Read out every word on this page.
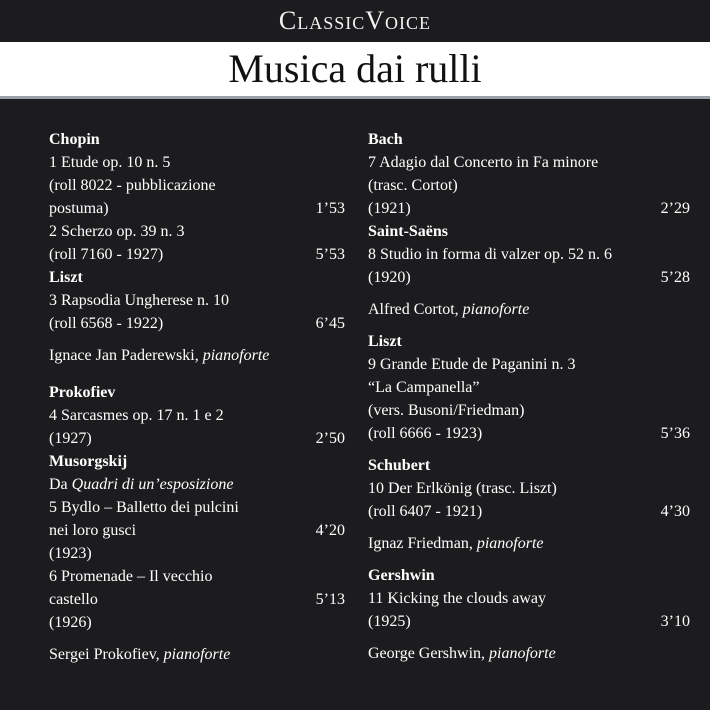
ClassicVoice
Musica dai rulli
Chopin
1 Etude op. 10 n. 5
(roll 8022 - pubblicazione
postuma)	1’53
2 Scherzo op. 39 n. 3
(roll 7160 - 1927)	5’53
Liszt
3 Rapsodia Ungherese n. 10
(roll 6568 - 1922)	6’45
Ignace Jan Paderewski, pianoforte
Prokofiev
4 Sarcasmes op. 17 n. 1 e 2
(1927)	2’50
Musorgskij
Da Quadri di un’esposizione
5 Bydlo – Balletto dei pulcini
nei loro gusci	4’20
(1923)
6 Promenade – Il vecchio
castello	5’13
(1926)
Sergei Prokofiev, pianoforte
Bach
7 Adagio dal Concerto in Fa minore
(trasc. Cortot)
(1921)	2’29
Saint-Saëns
8 Studio in forma di valzer op. 52 n. 6
(1920)	5’28
Alfred Cortot, pianoforte
Liszt
9 Grande Etude de Paganini n. 3
“La Campanella”
(vers. Busoni/Friedman)
(roll 6666 - 1923)	5’36
Schubert
10 Der Erlkönig (trasc. Liszt)
(roll 6407 - 1921)	4’30
Ignaz Friedman, pianoforte
Gershwin
11 Kicking the clouds away
(1925)	3’10
George Gershwin, pianoforte
